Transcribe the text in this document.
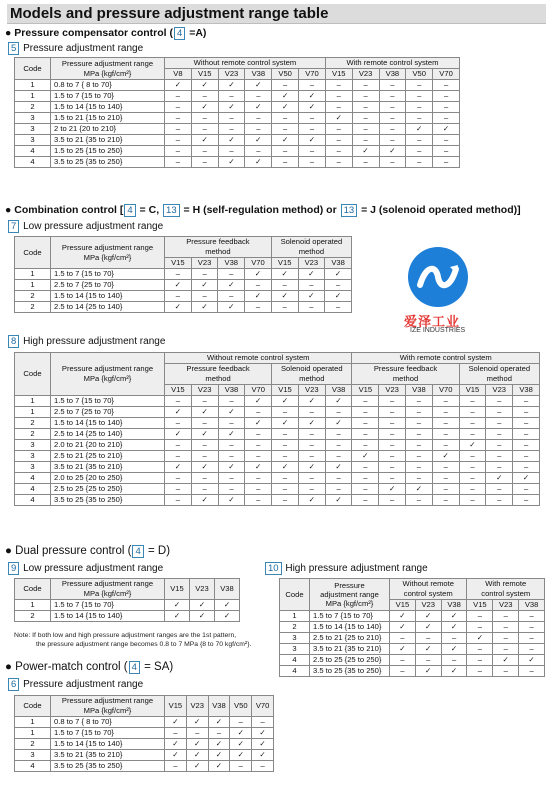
Models and pressure adjustment range table
● Pressure compensator control ( 4 =A)
5 Pressure adjustment range
Code	Pressure adjustment range
MPa {kgf/cm²}	Without remote control system						With remote control system				
		V8	V15	V23	V38	V50	V70	V15	V23	V38	V50	V70
1	0.8 to 7 { 8 to 70}	✓	✓	✓	✓	–	–	–	–	–	–	–
1	1.5 to 7 {15 to 70}	–	–	–	–	✓	✓	–	–	–	–	–
2	1.5 to 14 {15 to 140}	–	✓	✓	✓	✓	✓	–	–	–	–	–
3	1.5 to 21 {15 to 210}	–	–	–	–	–	–	✓	–	–	–	–
3	2 to 21 {20 to 210}	–	–	–	–	–	–	–	–	–	✓	✓
3	3.5 to 21 {35 to 210}	–	✓	✓	✓	✓	✓	–	–	–	–	–
4	1.5 to 25 {15 to 250}	–	–	–	–	–	–	–	✓	✓	–	–
4	3.5 to 25 {35 to 250}	–	–	✓	✓	–	–	–	–	–	–	–
● Combination control [ 4 = C, 13 = H (self-regulation method) or 13 = J (solenoid operated method)]
7 Low pressure adjustment range
Code	Pressure adjustment range
MPa {kgf/cm²}	Pressure feedback
method				Solenoid operated
method		
		V15	V23	V38	V70	V15	V23	V38
1	1.5 to 7 {15 to 70}	–	–	–	✓	✓	✓	✓
1	2.5 to 7 {25 to 70}	✓	✓	✓	–	–	–	–
2	1.5 to 14 {15 to 140}	–	–	–	✓	✓	✓	✓
2	2.5 to 14 {25 to 140}	✓	✓	✓	–	–	–	–
爱泽工业
IZE INDUSTRIES
8 High pressure adjustment range
Code	Pressure adjustment range
MPa {kgf/cm²}	Without remote control system							With remote control system						
		Pressure feedback
method				Solenoid operated
method			Pressure feedback
method				Solenoid operated
method		
		V15	V23	V38	V70	V15	V23	V38	V15	V23	V38	V70	V15	V23	V38
1	1.5 to 7 {15 to 70}	–	–	–	✓	✓	✓	✓	–	–	–	–	–	–	–
1	2.5 to 7 {25 to 70}	✓	✓	✓	–	–	–	–	–	–	–	–	–	–	–
2	1.5 to 14 {15 to 140}	–	–	–	✓	✓	✓	✓	–	–	–	–	–	–	–
2	2.5 to 14 {25 to 140}	✓	✓	✓	–	–	–	–	–	–	–	–	–	–	–
3	2.0 to 21 {20 to 210}	–	–	–	–	–	–	–	–	–	–	–	✓	–	–
3	2.5 to 21 {25 to 210}	–	–	–	–	–	–	–	✓	–	–	✓	–	–	–
3	3.5 to 21 {35 to 210}	✓	✓	✓	✓	✓	✓	✓	–	–	–	–	–	–	–
4	2.0 to 25 {20 to 250}	–	–	–	–	–	–	–	–	–	–	–	–	✓	✓
4	2.5 to 25 {25 to 250}	–	–	–	–	–	–	–	–	✓	✓	–	–	–	–
4	3.5 to 25 {35 to 250}	–	✓	✓	–	–	✓	✓	–	–	–	–	–	–	–
● Dual pressure control ( 4 = D)
9 Low pressure adjustment range
Code	Pressure adjustment range
MPa {kgf/cm²}	V15	V23	V38
1	1.5 to 7 {15 to 70}	✓	✓	✓
2	1.5 to 14 {15 to 140}	✓	✓	✓
Note: If both low and high pressure adjustment ranges are the 1st pattern,
the pressure adjustment range becomes 0.8 to 7 MPa {8 to 70 kgf/cm²}.
10 High pressure adjustment range
Code	Pressure
adjustment range
MPa {kgf/cm²}	Without remote
control system			With remote
control system		
		V15	V23	V38	V15	V23	V38
1	1.5 to 7 {15 to 70}	✓	✓	✓	–	–	–
2	1.5 to 14 {15 to 140}	✓	✓	✓	–	–	–
3	2.5 to 21 {25 to 210}	–	–	–	✓	–	–
3	3.5 to 21 {35 to 210}	✓	✓	✓	–	–	–
4	2.5 to 25 {25 to 250}	–	–	–	–	✓	✓
4	3.5 to 25 {35 to 250}	–	✓	✓	–	–	–
● Power-match control ( 4 = SA)
6 Pressure adjustment range
Code	Pressure adjustment range
MPa {kgf/cm²}	V15	V23	V38	V50	V70
1	0.8 to 7 { 8 to 70}	✓	✓	✓	–	–
1	1.5 to 7 {15 to 70}	–	–	–	✓	✓
2	1.5 to 14 {15 to 140}	✓	✓	✓	✓	✓
3	3.5 to 21 {35 to 210}	✓	✓	✓	✓	✓
4	3.5 to 25 {35 to 250}	–	✓	✓	–	–
